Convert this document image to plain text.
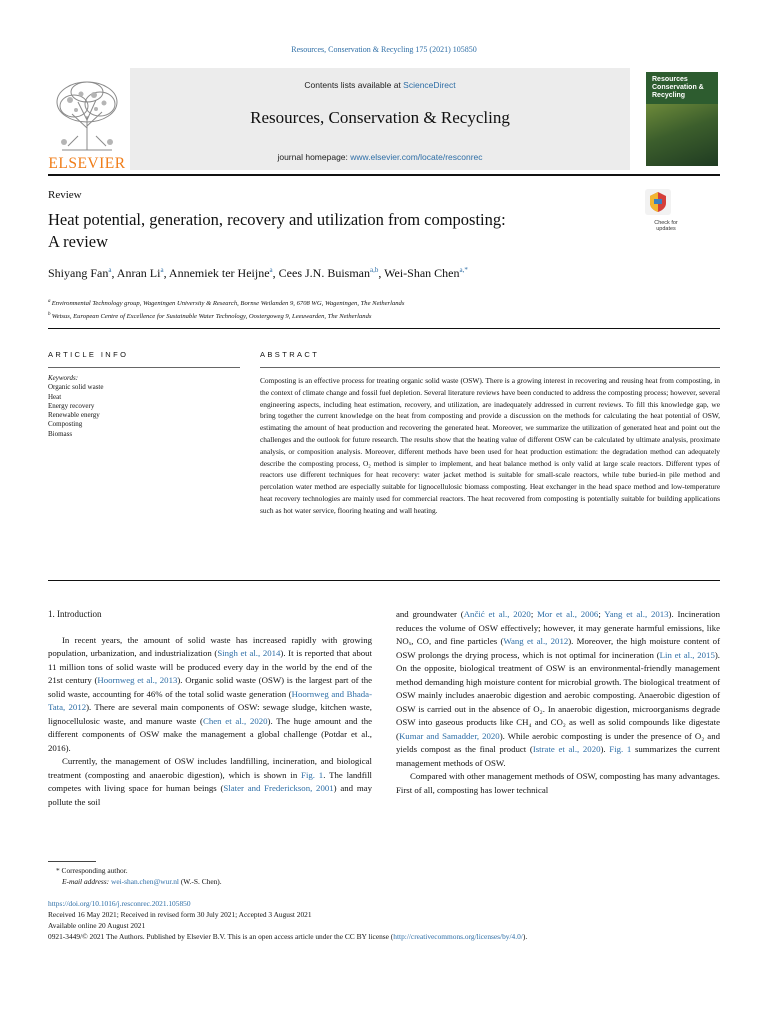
Resources, Conservation & Recycling 175 (2021) 105850
ELSEVIER
Contents lists available at ScienceDirect
Resources, Conservation & Recycling
journal homepage: www.elsevier.com/locate/resconrec
Resources
Conservation &
Recycling
Review
Heat potential, generation, recovery and utilization from composting:
A review
Check for
updates
Shiyang Fan$^a$, Anran Li$^a$, Annemiek ter Heijne$^a$, Cees J.N. Buisman$^{a,b}$, Wei-Shan Chen$^{a,*}$
$^a$ Environmental Technology group, Wageningen University & Research, Bornse Weilanden 9, 6708 WG, Wageningen, The Netherlands
$^b$ Wetsus, European Centre of Excellence for Sustainable Water Technology, Oostergoweg 9, Leeuwarden, The Netherlands
ARTICLE INFO	ABSTRACT
Keywords:
Organic solid waste
Heat
Energy recovery
Renewable energy
Composting
Biomass
Composting is an effective process for treating organic solid waste (OSW). There is a growing interest in recovering and reusing heat from composting, in the context of climate change and fossil fuel depletion. Several literature reviews have been conducted to address the composting process; however, several engineering aspects, including heat estimation, recovery, and utilization, are inadequately addressed in current reviews. To fill this knowledge gap, we bring together the current knowledge on the heat from composting and provide a discussion on the methods for calculating the heat potential of OSW, estimating the amount of heat production and recovering the generated heat. Moreover, we summarize the utilization of generated heat and point out the challenges and the outlook for future research. The results show that the heating value of different OSW can be calculated by ultimate analysis, proximate analysis, or composition analysis. Moreover, different methods have been used for heat production estimation: the degradation method can adequately describe the composting process, O₂ method is simpler to implement, and heat balance method is only valid at large scale reactors. Different types of reactors use different techniques for heat recovery: water jacket method is suitable for small-scale reactors, while tube buried-in pile method and percolation water method are especially suitable for lignocellulosic biomass composting. Heat exchanger in the head space method and low-temperature heat recovery technologies are mainly used for commercial reactors. The heat recovered from composting is potentially suitable for building applications such as hot water service, flooring heating and wall heating.
1. Introduction

In recent years, the amount of solid waste has increased rapidly with growing population, urbanization, and industrialization (Singh et al., 2014). It is reported that about 11 million tons of solid waste will be produced every day in the world by the end of the 21st century (Hoornweg et al., 2013). Organic solid waste (OSW) is the largest part of the solid waste, accounting for 46% of the total solid waste generation (Hoornweg and Bhada-Tata, 2012). There are several main components of OSW: sewage sludge, kitchen waste, lignocellulosic waste, and manure waste (Chen et al., 2020). The huge amount and the different components of OSW make the management a global challenge (Potdar et al., 2016).

Currently, the management of OSW includes landfilling, incineration, and biological treatment (composting and anaerobic digestion), which is shown in Fig. 1. The landfill competes with living space for human beings (Slater and Frederickson, 2001) and may pollute the soil

and groundwater (Ančić et al., 2020; Mor et al., 2006; Yang et al., 2013). Incineration reduces the volume of OSW effectively; however, it may generate harmful emissions, like NOₓ, CO, and fine particles (Wang et al., 2012). Moreover, the high moisture content of OSW prolongs the drying process, which is not optimal for incineration (Lin et al., 2015). On the opposite, biological treatment of OSW is an environmental-friendly management method demanding high moisture content for microbial growth. The biological treatment of OSW mainly includes anaerobic digestion and aerobic composting. Anaerobic digestion of OSW is carried out in the absence of O₂. In anaerobic digestion, microorganisms degrade OSW into gaseous products like CH₄ and CO₂ as well as solid compounds like digestate (Kumar and Samadder, 2020). While aerobic composting is under the presence of O₂ and yields compost as the final product (Istrate et al., 2020). Fig. 1 summarizes the current management methods of OSW.

Compared with other management methods of OSW, composting has many advantages. First of all, composting has lower technical

* Corresponding author.
E-mail address: wei-shan.chen@wur.nl (W.-S. Chen).
https://doi.org/10.1016/j.resconrec.2021.105850
Received 16 May 2021; Received in revised form 30 July 2021; Accepted 3 August 2021
Available online 20 August 2021
0921-3449/© 2021 The Authors. Published by Elsevier B.V. This is an open access article under the CC BY license (http://creativecommons.org/licenses/by/4.0/).
